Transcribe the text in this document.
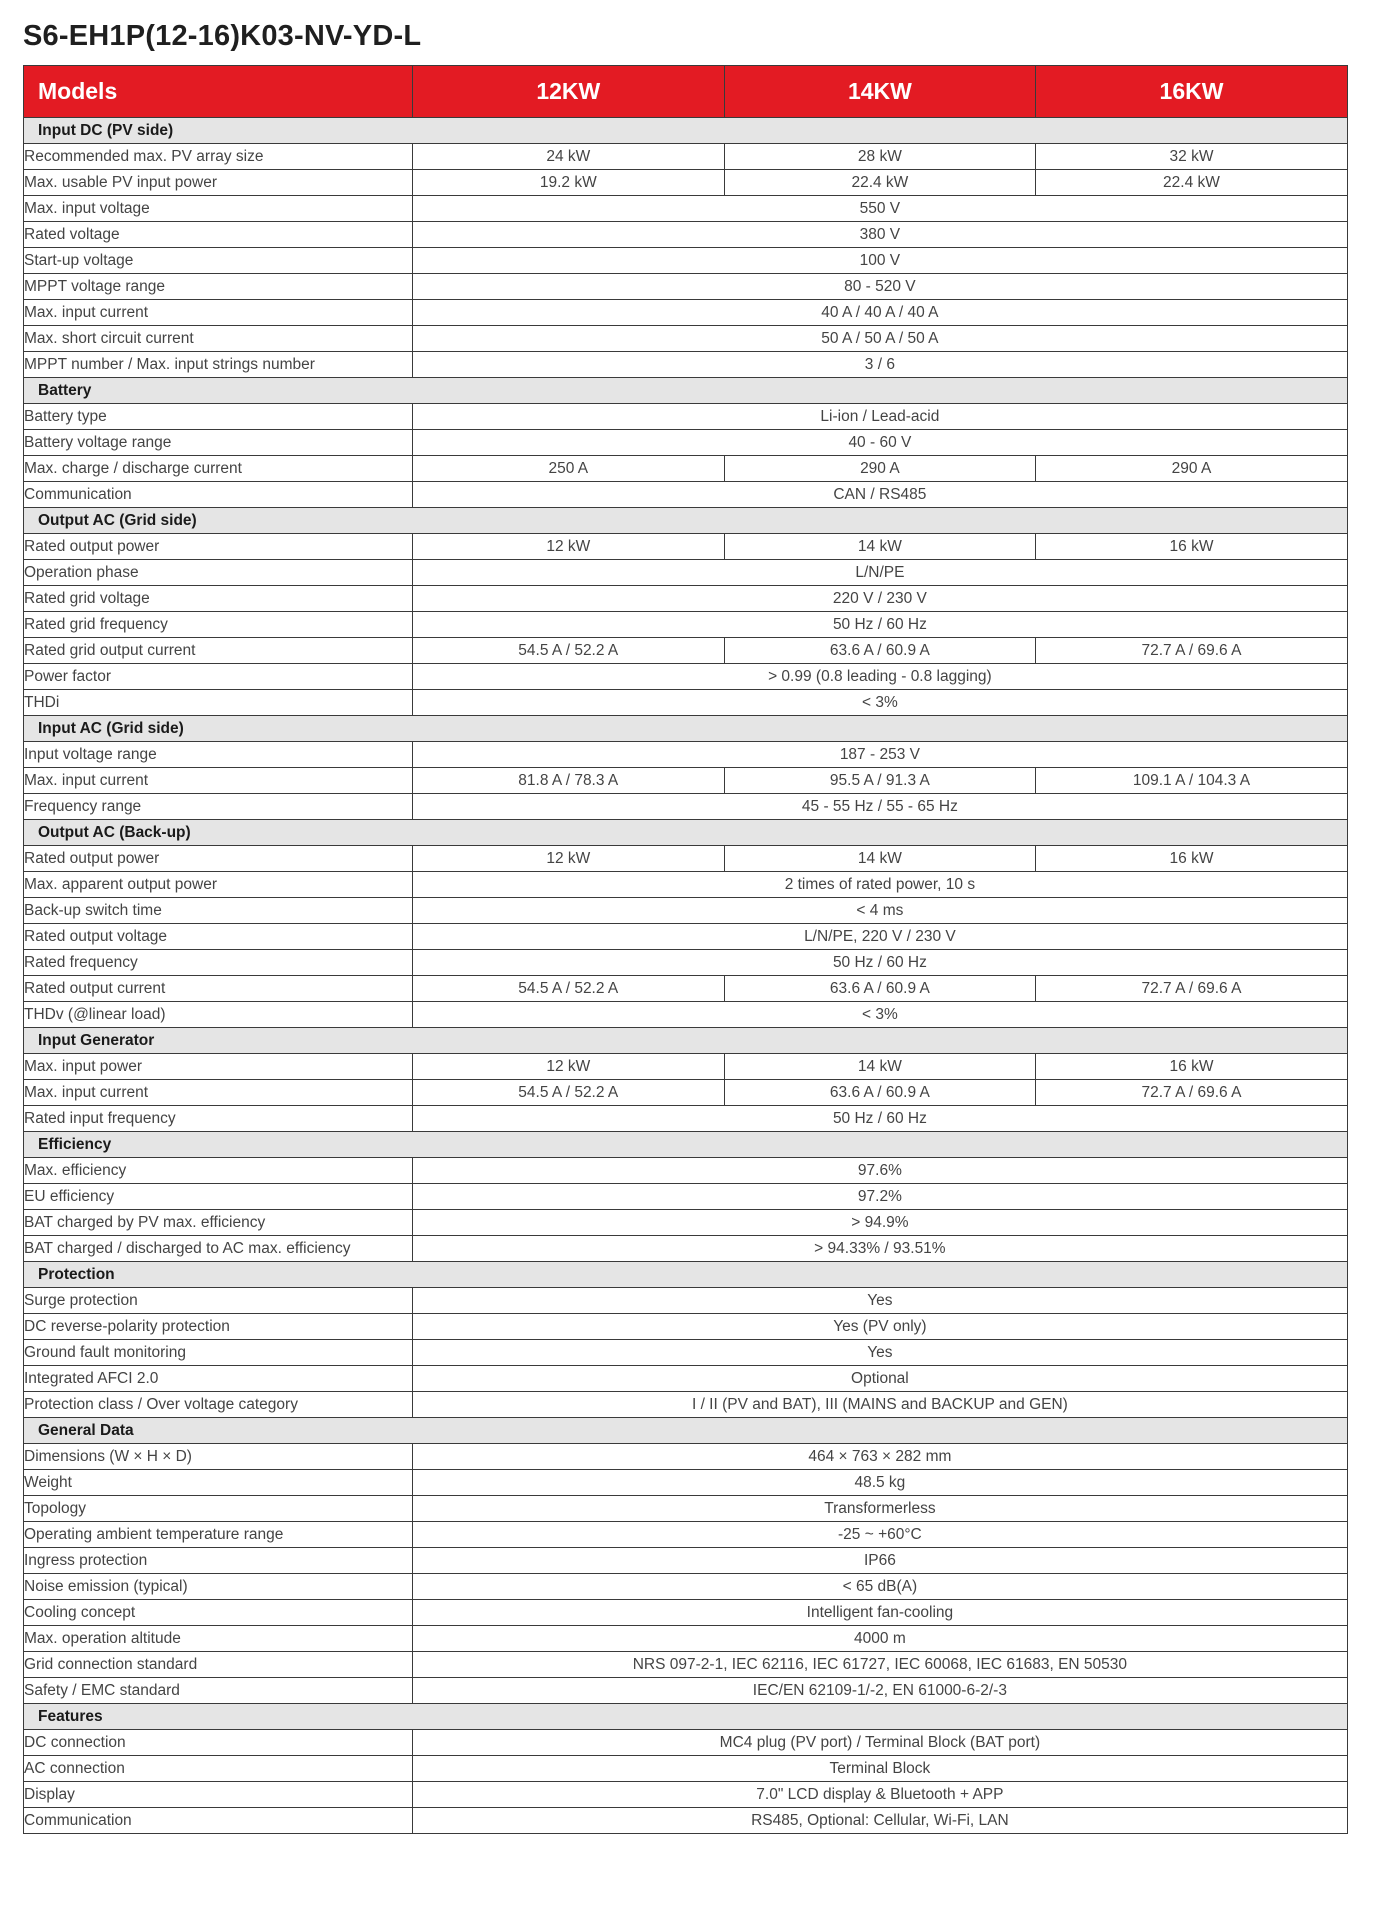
S6-EH1P(12-16)K03-NV-YD-L
Models	12KW	14KW	16KW
Input DC (PV side)			
Recommended max. PV array size	24 kW	28 kW	32 kW
Max. usable PV input power	19.2 kW	22.4 kW	22.4 kW
Max. input voltage	550 V		
Rated voltage	380 V		
Start-up voltage	100 V		
MPPT voltage range	80 - 520 V		
Max. input current	40 A / 40 A / 40 A		
Max. short circuit current	50 A / 50 A / 50 A		
MPPT number / Max. input strings number	3 / 6		
Battery			
Battery type	Li-ion / Lead-acid		
Battery voltage range	40 - 60 V		
Max. charge / discharge current	250 A	290 A	290 A
Communication	CAN / RS485		
Output AC (Grid side)			
Rated output power	12 kW	14 kW	16 kW
Operation phase	L/N/PE		
Rated grid voltage	220 V / 230 V		
Rated grid frequency	50 Hz / 60 Hz		
Rated grid output current	54.5 A / 52.2 A	63.6 A / 60.9 A	72.7 A / 69.6 A
Power factor	> 0.99 (0.8 leading - 0.8 lagging)		
THDi	< 3%		
Input AC (Grid side)			
Input voltage range	187 - 253 V		
Max. input current	81.8 A / 78.3 A	95.5 A / 91.3 A	109.1 A / 104.3 A
Frequency range	45 - 55 Hz / 55 - 65 Hz		
Output AC (Back-up)			
Rated output power	12 kW	14 kW	16 kW
Max. apparent output power	2 times of rated power, 10 s		
Back-up switch time	< 4 ms		
Rated output voltage	L/N/PE, 220 V / 230 V		
Rated frequency	50 Hz / 60 Hz		
Rated output current	54.5 A / 52.2 A	63.6 A / 60.9 A	72.7 A / 69.6 A
THDv (@linear load)	< 3%		
Input Generator			
Max. input power	12 kW	14 kW	16 kW
Max. input current	54.5 A / 52.2 A	63.6 A / 60.9 A	72.7 A / 69.6 A
Rated input frequency	50 Hz / 60 Hz		
Efficiency			
Max. efficiency	97.6%		
EU efficiency	97.2%		
BAT charged by PV max. efficiency	> 94.9%		
BAT charged / discharged to AC max. efficiency	> 94.33% / 93.51%		
Protection			
Surge protection	Yes		
DC reverse-polarity protection	Yes (PV only)		
Ground fault monitoring	Yes		
Integrated AFCI 2.0	Optional		
Protection class / Over voltage category	I / II (PV and BAT), III (MAINS and BACKUP and GEN)		
General Data			
Dimensions (W × H × D)	464 × 763 × 282 mm		
Weight	48.5 kg		
Topology	Transformerless		
Operating ambient temperature range	-25 ~ +60°C		
Ingress protection	IP66		
Noise emission (typical)	< 65 dB(A)		
Cooling concept	Intelligent fan-cooling		
Max. operation altitude	4000 m		
Grid connection standard	NRS 097-2-1, IEC 62116, IEC 61727, IEC 60068, IEC 61683, EN 50530		
Safety / EMC standard	IEC/EN 62109-1/-2, EN 61000-6-2/-3		
Features			
DC connection	MC4 plug (PV port) / Terminal Block (BAT port)		
AC connection	Terminal Block		
Display	7.0" LCD display & Bluetooth + APP		
Communication	RS485, Optional: Cellular, Wi-Fi, LAN		
